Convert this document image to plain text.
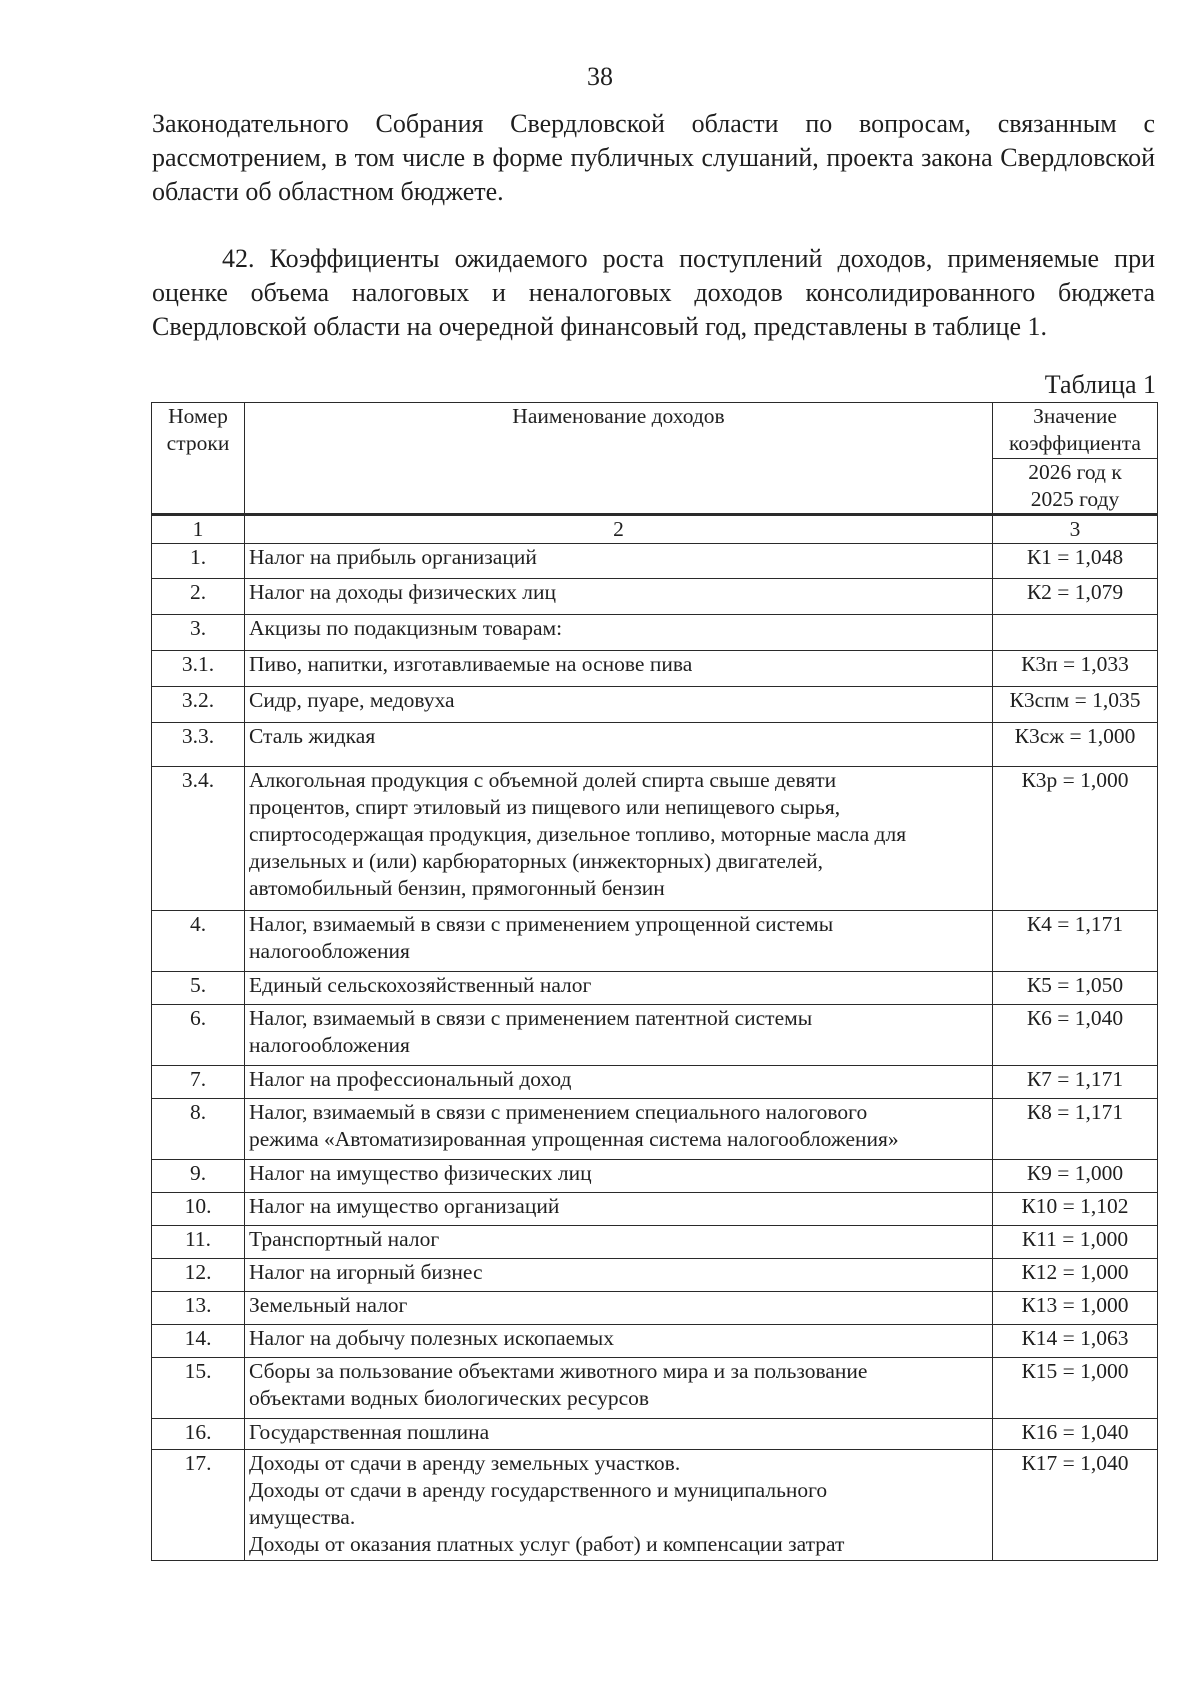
38

Законодательного Собрания Свердловской области по вопросам, связанным с рассмотрением, в том числе в форме публичных слушаний, проекта закона Свердловской области об областном бюджете.

42. Коэффициенты ожидаемого роста поступлений доходов, применяемые при оценке объема налоговых и неналоговых доходов консолидированного бюджета Свердловской области на очередной финансовый год, представлены в таблице 1.

Таблица 1
Номер
строки	Наименование доходов	Значение
коэффициента
		2026 год к
2025 году
1	2	3
1.	Налог на прибыль организаций	К1 = 1,048
2.	Налог на доходы физических лиц	К2 = 1,079
3.	Акцизы по подакцизным товарам:	
3.1.	Пиво, напитки, изготавливаемые на основе пива	К3п = 1,033
3.2.	Сидр, пуаре, медовуха	К3спм = 1,035
3.3.	Сталь жидкая	К3сж = 1,000
3.4.	Алкогольная продукция с объемной долей спирта свыше девяти
процентов, спирт этиловый из пищевого или непищевого сырья,
спиртосодержащая продукция, дизельное топливо, моторные масла для
дизельных и (или) карбюраторных (инжекторных) двигателей,
автомобильный бензин, прямогонный бензин	К3р = 1,000
4.	Налог, взимаемый в связи с применением упрощенной системы
налогообложения	К4 = 1,171
5.	Единый сельскохозяйственный налог	К5 = 1,050
6.	Налог, взимаемый в связи с применением патентной системы
налогообложения	К6 = 1,040
7.	Налог на профессиональный доход	К7 = 1,171
8.	Налог, взимаемый в связи с применением специального налогового
режима «Автоматизированная упрощенная система налогообложения»	К8 = 1,171
9.	Налог на имущество физических лиц	К9 = 1,000
10.	Налог на имущество организаций	К10 = 1,102
11.	Транспортный налог	К11 = 1,000
12.	Налог на игорный бизнес	К12 = 1,000
13.	Земельный налог	К13 = 1,000
14.	Налог на добычу полезных ископаемых	К14 = 1,063
15.	Сборы за пользование объектами животного мира и за пользование
объектами водных биологических ресурсов	К15 = 1,000
16.	Государственная пошлина	К16 = 1,040
17.	Доходы от сдачи в аренду земельных участков.
Доходы от сдачи в аренду государственного и муниципального
имущества.
Доходы от оказания платных услуг (работ) и компенсации затрат	К17 = 1,040
